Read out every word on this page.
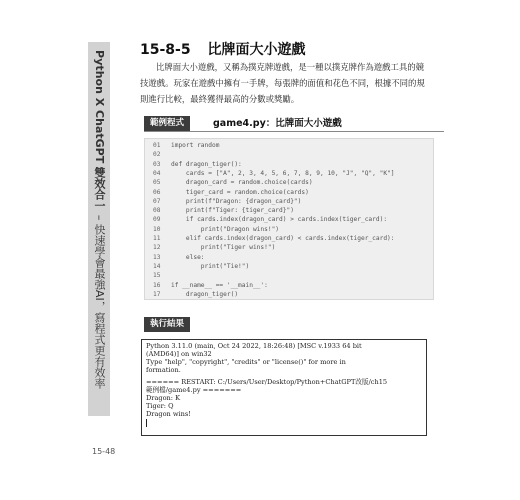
Python X ChatGPT 雙效合一 – 快速學會最強AI，寫程式更有效率
15-48
15-8-5 比牌面大小遊戲

比牌面大小遊戲，又稱為撲克牌遊戲，是一種以撲克牌作為遊戲工具的競技遊戲。玩家在遊戲中擁有一手牌，每張牌的面值和花色不同，根據不同的規則進行比較，最終獲得最高的分數或獎勵。

範例程式	game4.py：比牌面大小遊戲
01 import random
02
03 def dragon_tiger():
04 cards = ["A", 2, 3, 4, 5, 6, 7, 8, 9, 10, "J", "Q", "K"]
05 dragon_card = random.choice(cards)
06 tiger_card = random.choice(cards)
07 print(f"Dragon: {dragon_card}")
08 print(f"Tiger: {tiger_card}")
09 if cards.index(dragon_card) > cards.index(tiger_card):
10 print("Dragon wins!")
11 elif cards.index(dragon_card) < cards.index(tiger_card):
12 print("Tiger wins!")
13 else:
14 print("Tie!")
15
16 if __name__ == '__main__':
17 dragon_tiger()
執行結果
Python 3.11.0 (main, Oct 24 2022, 18:26:48) [MSC v.1933 64 bit
(AMD64)] on win32
Type "help", "copyright", "credits" or "license()" for more in
formation.
====== RESTART: C:/Users/User/Desktop/Python+ChatGPT改版/ch15
範例檔/game4.py =======
Dragon: K
Tiger: Q
Dragon wins!
